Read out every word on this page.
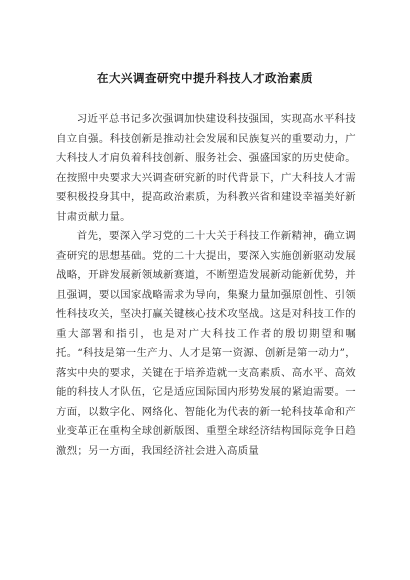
在大兴调查研究中提升科技人才政治素质

习近平总书记多次强调加快建设科技强国，实现高水平科技自立自强。科技创新是推动社会发展和民族复兴的重要动力，广大科技人才肩负着科技创新、服务社会、强盛国家的历史使命。在按照中央要求大兴调查研究新的时代背景下，广大科技人才需要积极投身其中，提高政治素质，为科教兴省和建设幸福美好新甘肃贡献力量。

首先，要深入学习党的二十大关于科技工作新精神，确立调查研究的思想基础。党的二十大提出，要深入实施创新驱动发展战略，开辟发展新领域新赛道，不断塑造发展新动能新优势，并且强调，要以国家战略需求为导向，集聚力量加强原创性、引领性科技攻关，坚决打赢关键核心技术攻坚战。这是对科技工作的重大部署和指引，也是对广大科技工作者的殷切期望和嘱托。“科技是第一生产力、人才是第一资源、创新是第一动力”，落实中央的要求，关键在于培养造就一支高素质、高水平、高效能的科技人才队伍，它是适应国际国内形势发展的紧迫需要。一方面，以数字化、网络化、智能化为代表的新一轮科技革命和产业变革正在重构全球创新版图、重塑全球经济结构国际竞争日趋激烈；另一方面，我国经济社会进入高质量
